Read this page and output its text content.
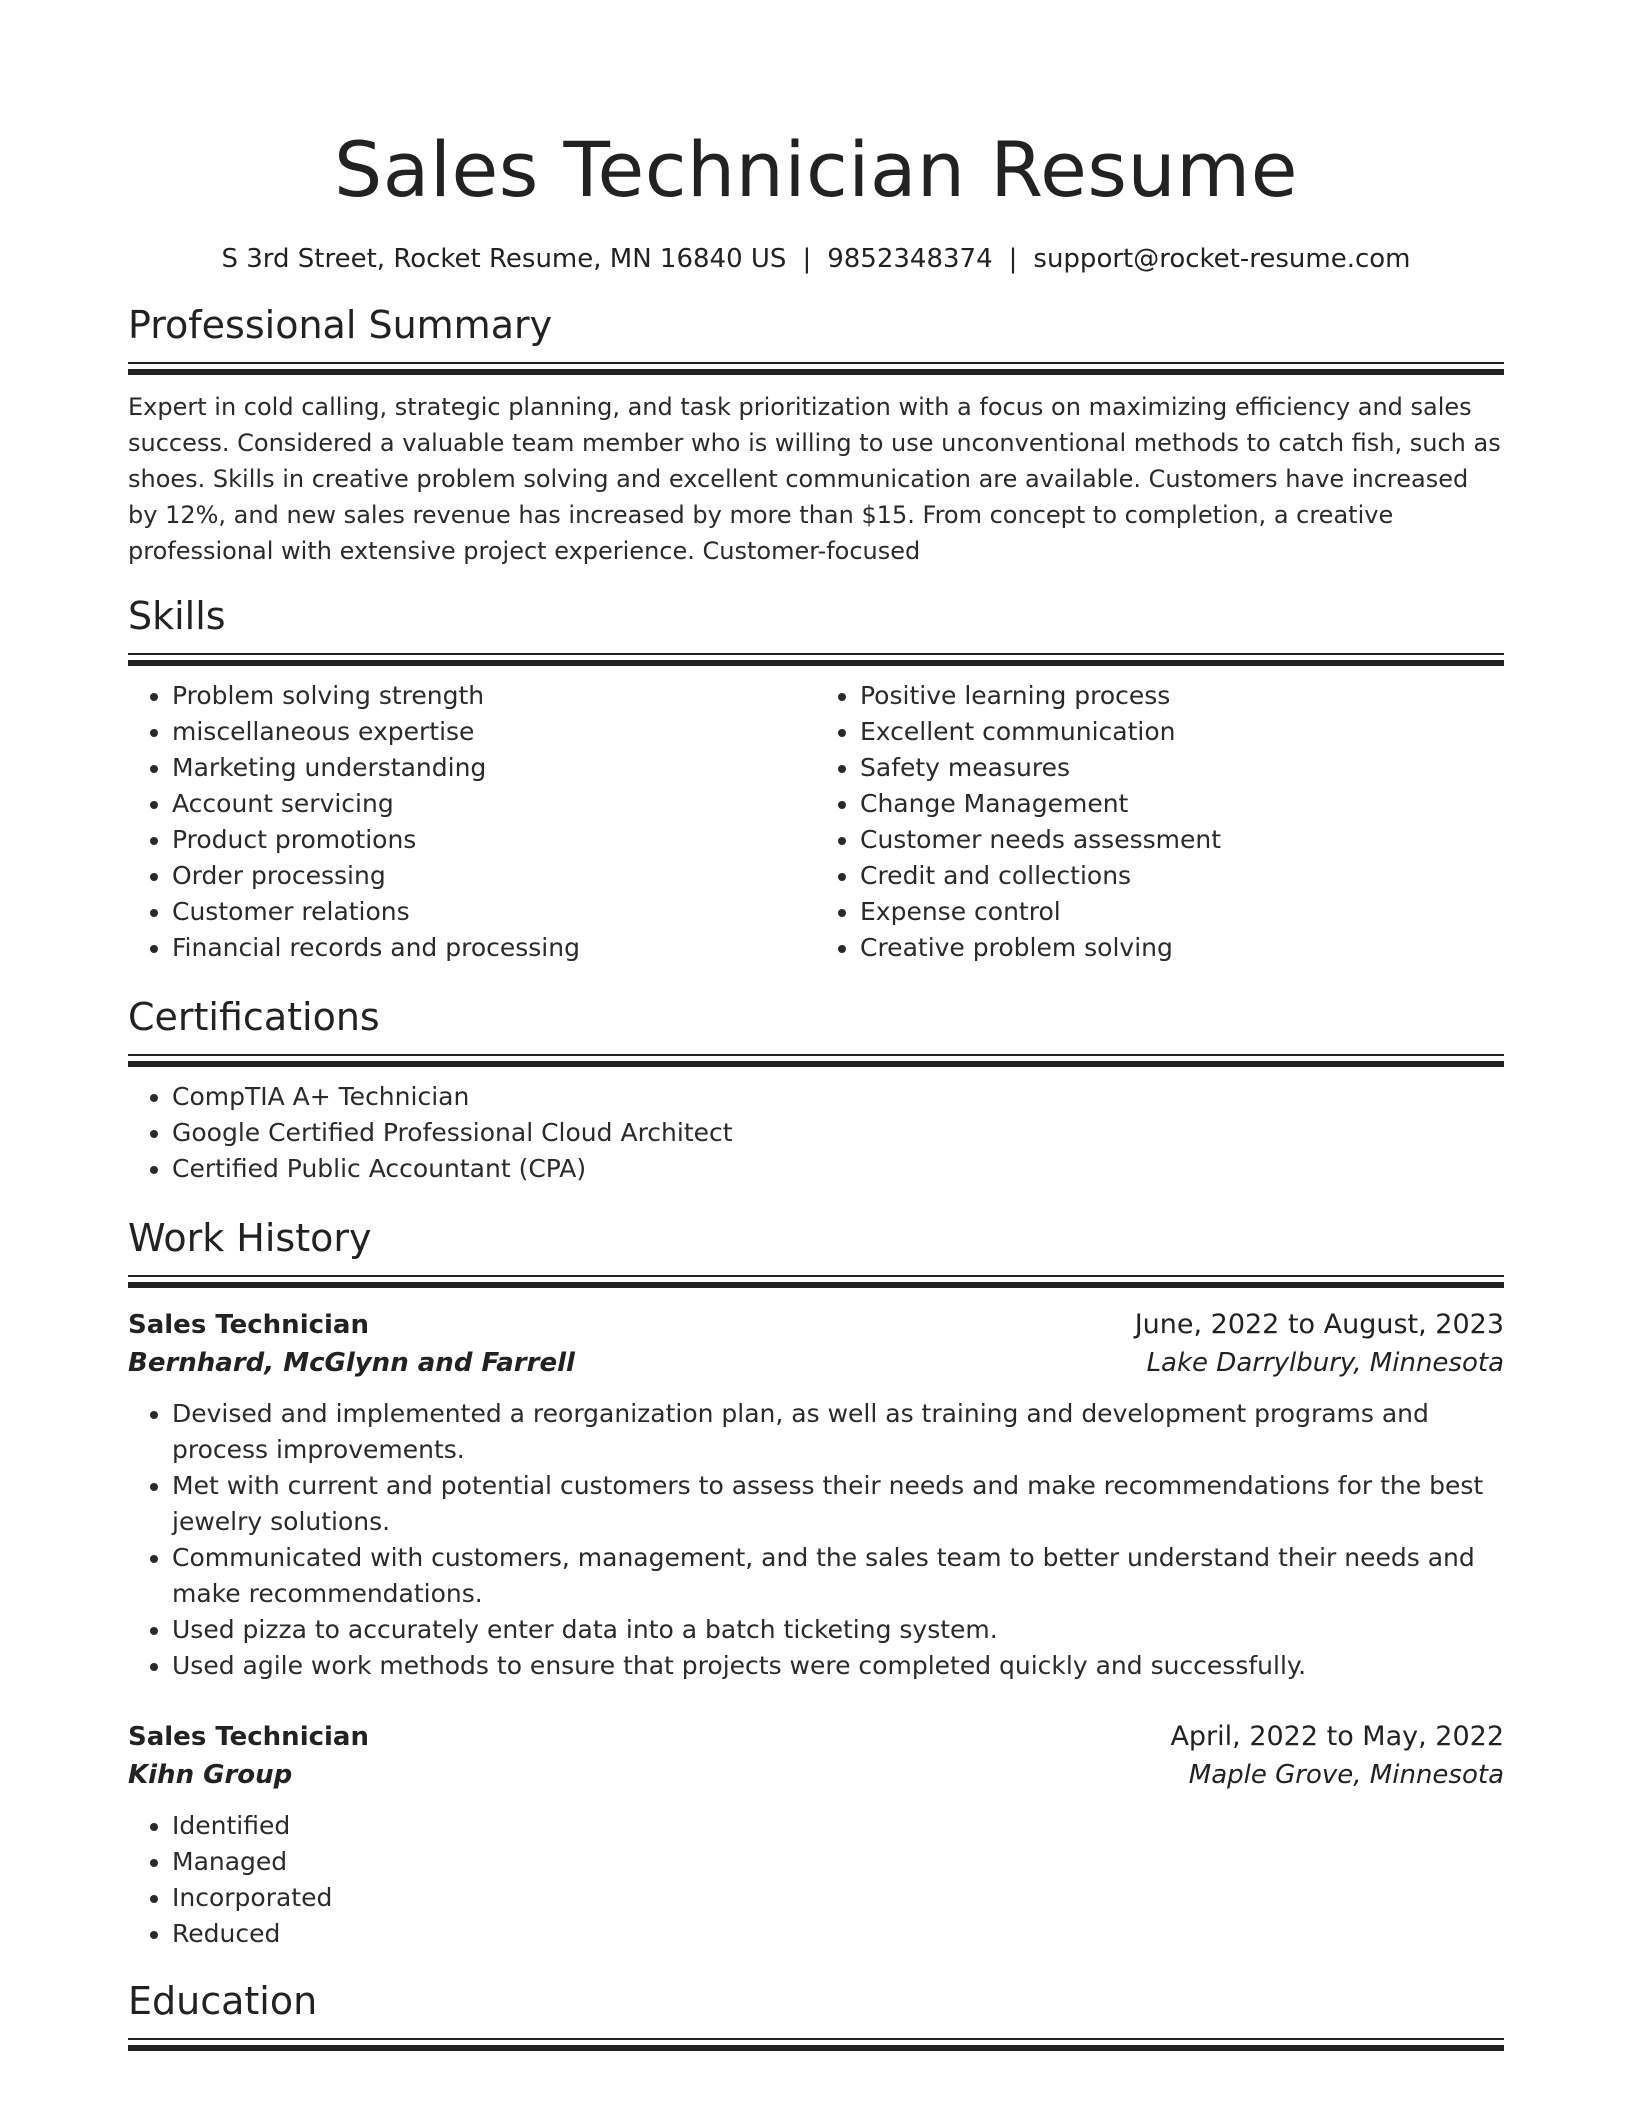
Sales Technician Resume
S 3rd Street, Rocket Resume, MN 16840 US | 9852348374 | support@rocket-resume.com
Professional Summary

Expert in cold calling, strategic planning, and task prioritization with a focus on maximizing efficiency and sales success. Considered a valuable team member who is willing to use unconventional methods to catch fish, such as shoes. Skills in creative problem solving and excellent communication are available. Customers have increased by 12%, and new sales revenue has increased by more than $15. From concept to completion, a creative professional with extensive project experience. Customer-focused

Skills
• Problem solving strength
• miscellaneous expertise
• Marketing understanding
• Account servicing
• Product promotions
• Order processing
• Customer relations
• Financial records and processing
• Positive learning process
• Excellent communication
• Safety measures
• Change Management
• Customer needs assessment
• Credit and collections
• Expense control
• Creative problem solving
Certifications
• CompTIA A+ Technician
• Google Certified Professional Cloud Architect
• Certified Public Accountant (CPA)
Work History
Sales Technician	June, 2022 to August, 2023
Bernhard, McGlynn and Farrell	Lake Darrylbury, Minnesota
• Devised and implemented a reorganization plan, as well as training and development programs and process improvements.
• Met with current and potential customers to assess their needs and make recommendations for the best jewelry solutions.
• Communicated with customers, management, and the sales team to better understand their needs and make recommendations.
• Used pizza to accurately enter data into a batch ticketing system.
• Used agile work methods to ensure that projects were completed quickly and successfully.
Sales Technician	April, 2022 to May, 2022
Kihn Group	Maple Grove, Minnesota
• Identified
• Managed
• Incorporated
• Reduced
Education
